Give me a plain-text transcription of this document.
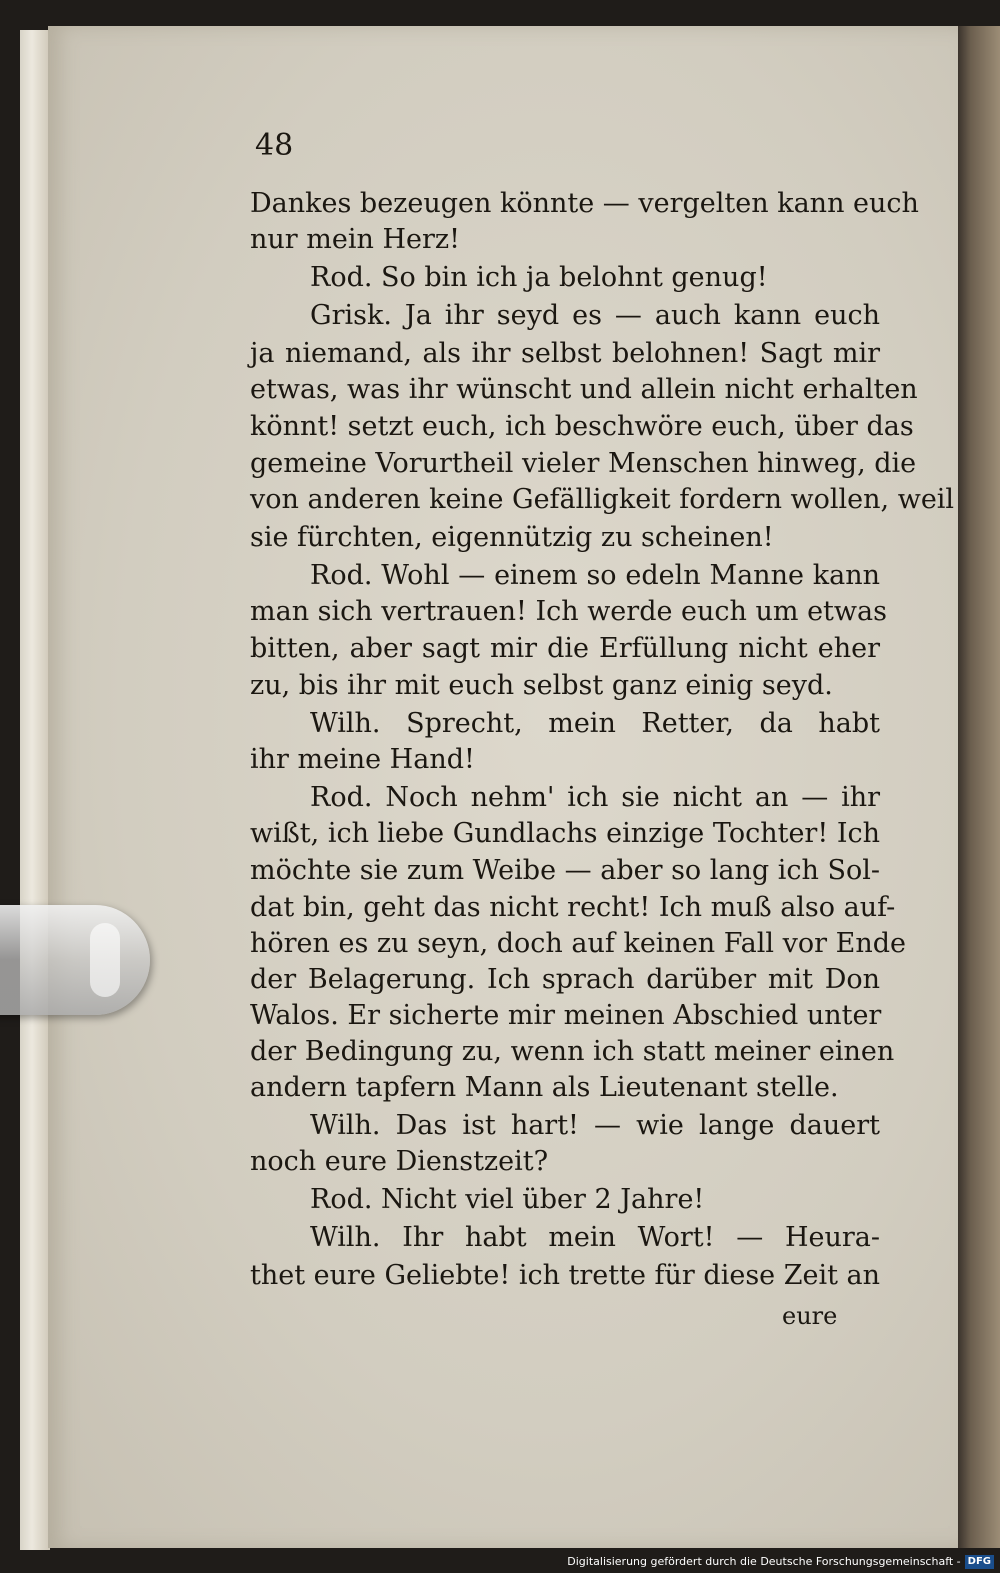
48
Dankes bezeugen könnte — vergelten kann euch
nur mein Herz!
Rod. So bin ich ja belohnt genug!
Grisk. Ja ihr seyd es — auch kann euch
ja niemand, als ihr selbst belohnen! Sagt mir
etwas, was ihr wünscht und allein nicht erhalten
könnt! setzt euch, ich beschwöre euch, über das
gemeine Vorurtheil vieler Menschen hinweg, die
von anderen keine Gefälligkeit fordern wollen, weil
sie fürchten, eigennützig zu scheinen!
Rod. Wohl — einem so edeln Manne kann
man sich vertrauen! Ich werde euch um etwas
bitten, aber sagt mir die Erfüllung nicht eher
zu, bis ihr mit euch selbst ganz einig seyd.
Wilh. Sprecht, mein Retter, da habt
ihr meine Hand!
Rod. Noch nehm' ich sie nicht an — ihr
wißt, ich liebe Gundlachs einzige Tochter! Ich
möchte sie zum Weibe — aber so lang ich Sol-
dat bin, geht das nicht recht! Ich muß also auf-
hören es zu seyn, doch auf keinen Fall vor Ende
der Belagerung. Ich sprach darüber mit Don
Walos. Er sicherte mir meinen Abschied unter
der Bedingung zu, wenn ich statt meiner einen
andern tapfern Mann als Lieutenant stelle.
Wilh. Das ist hart! — wie lange dauert
noch eure Dienstzeit?
Rod. Nicht viel über 2 Jahre!
Wilh. Ihr habt mein Wort! — Heura-
thet eure Geliebte! ich trette für diese Zeit an
eure
Digitalisierung gefördert durch die Deutsche Forschungsgemeinschaft - DFG
